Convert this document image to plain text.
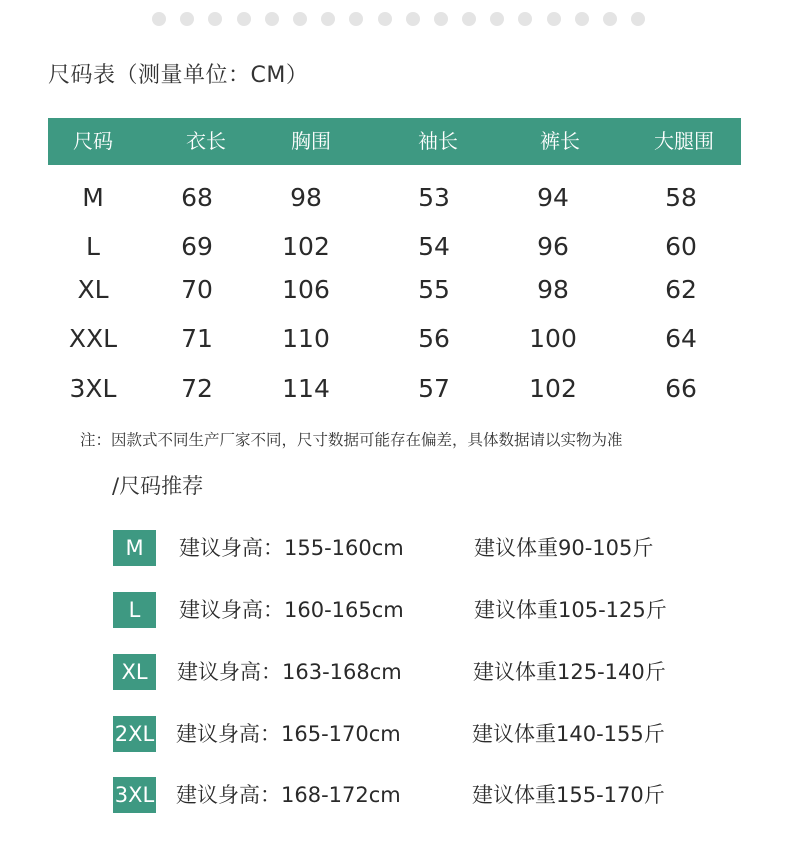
尺码表（测量单位：CM）
尺码	衣长	胸围	袖长	裤长	大腿围
M	68	98	53	94	58
L	69	102	54	96	60
XL	70	106	55	98	62
XXL	71	110	56	100	64
3XL	72	114	57	102	66
注：因款式不同生产厂家不同，尺寸数据可能存在偏差，具体数据请以实物为准
/尺码推荐
M	建议身高：155-160cm	建议体重90-105斤
L	建议身高：160-165cm	建议体重105-125斤
XL	建议身高：163-168cm	建议体重125-140斤
2XL 建议身高：165-170cm	建议体重140-155斤
3XL 建议身高：168-172cm	建议体重155-170斤
